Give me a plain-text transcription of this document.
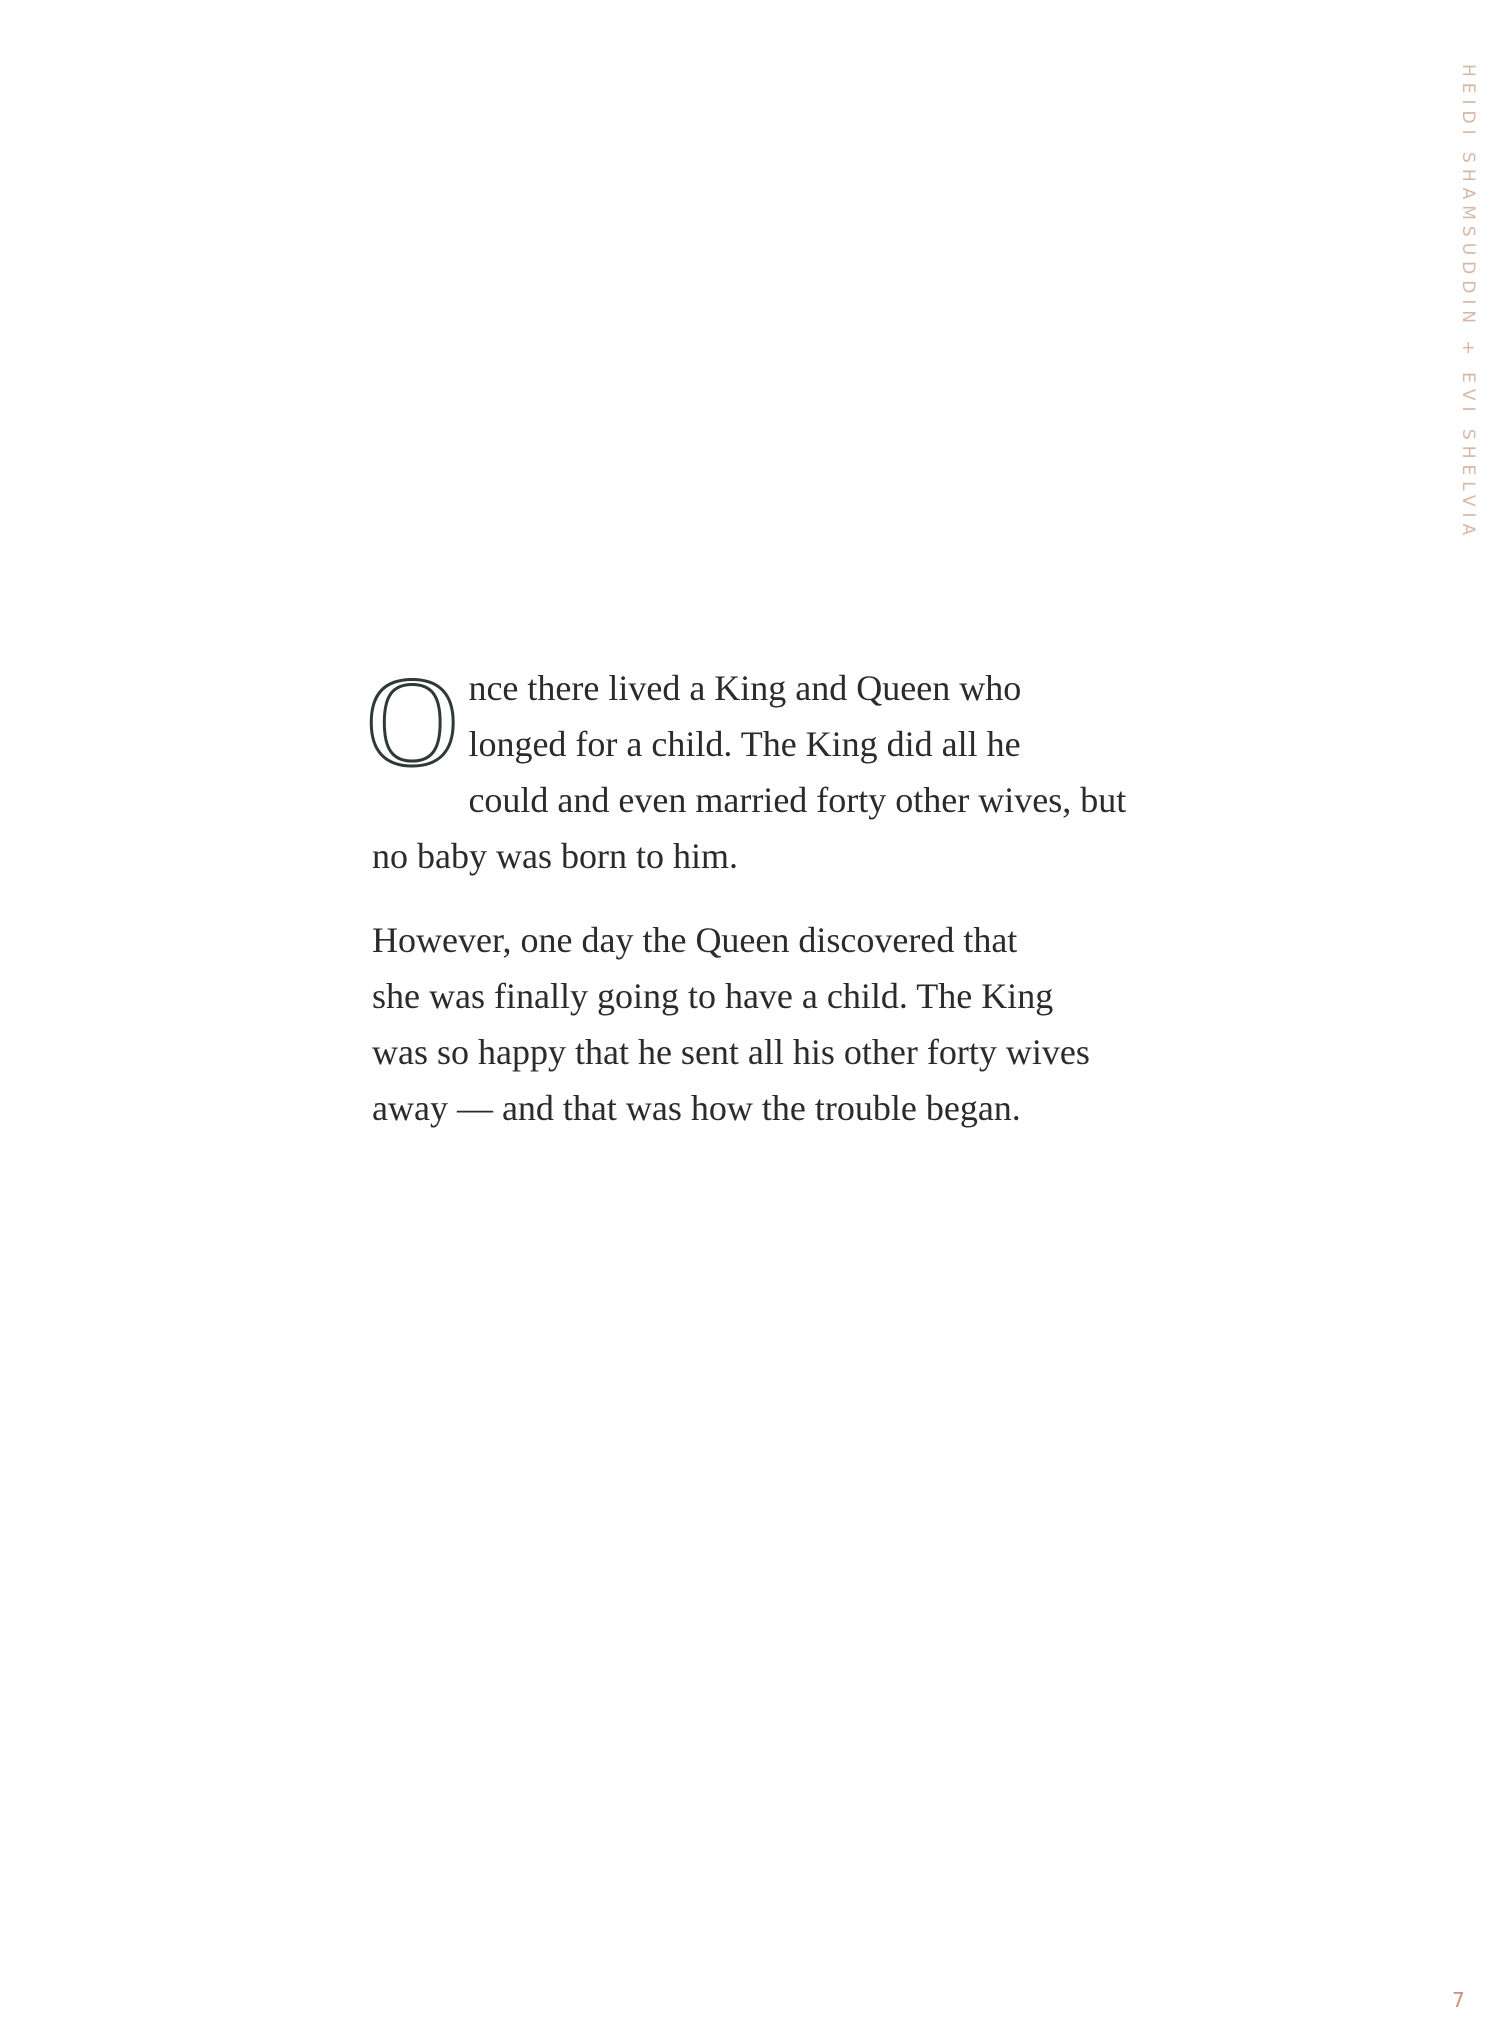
HEIDI SHAMSUDDIN + EVI SHELVIA

O nce there lived a King and Queen who
longed for a child. The King did all he
could and even married forty other wives, but
no baby was born to him.

However, one day the Queen discovered that
she was finally going to have a child. The King
was so happy that he sent all his other forty wives
away — and that was how the trouble began.

7
